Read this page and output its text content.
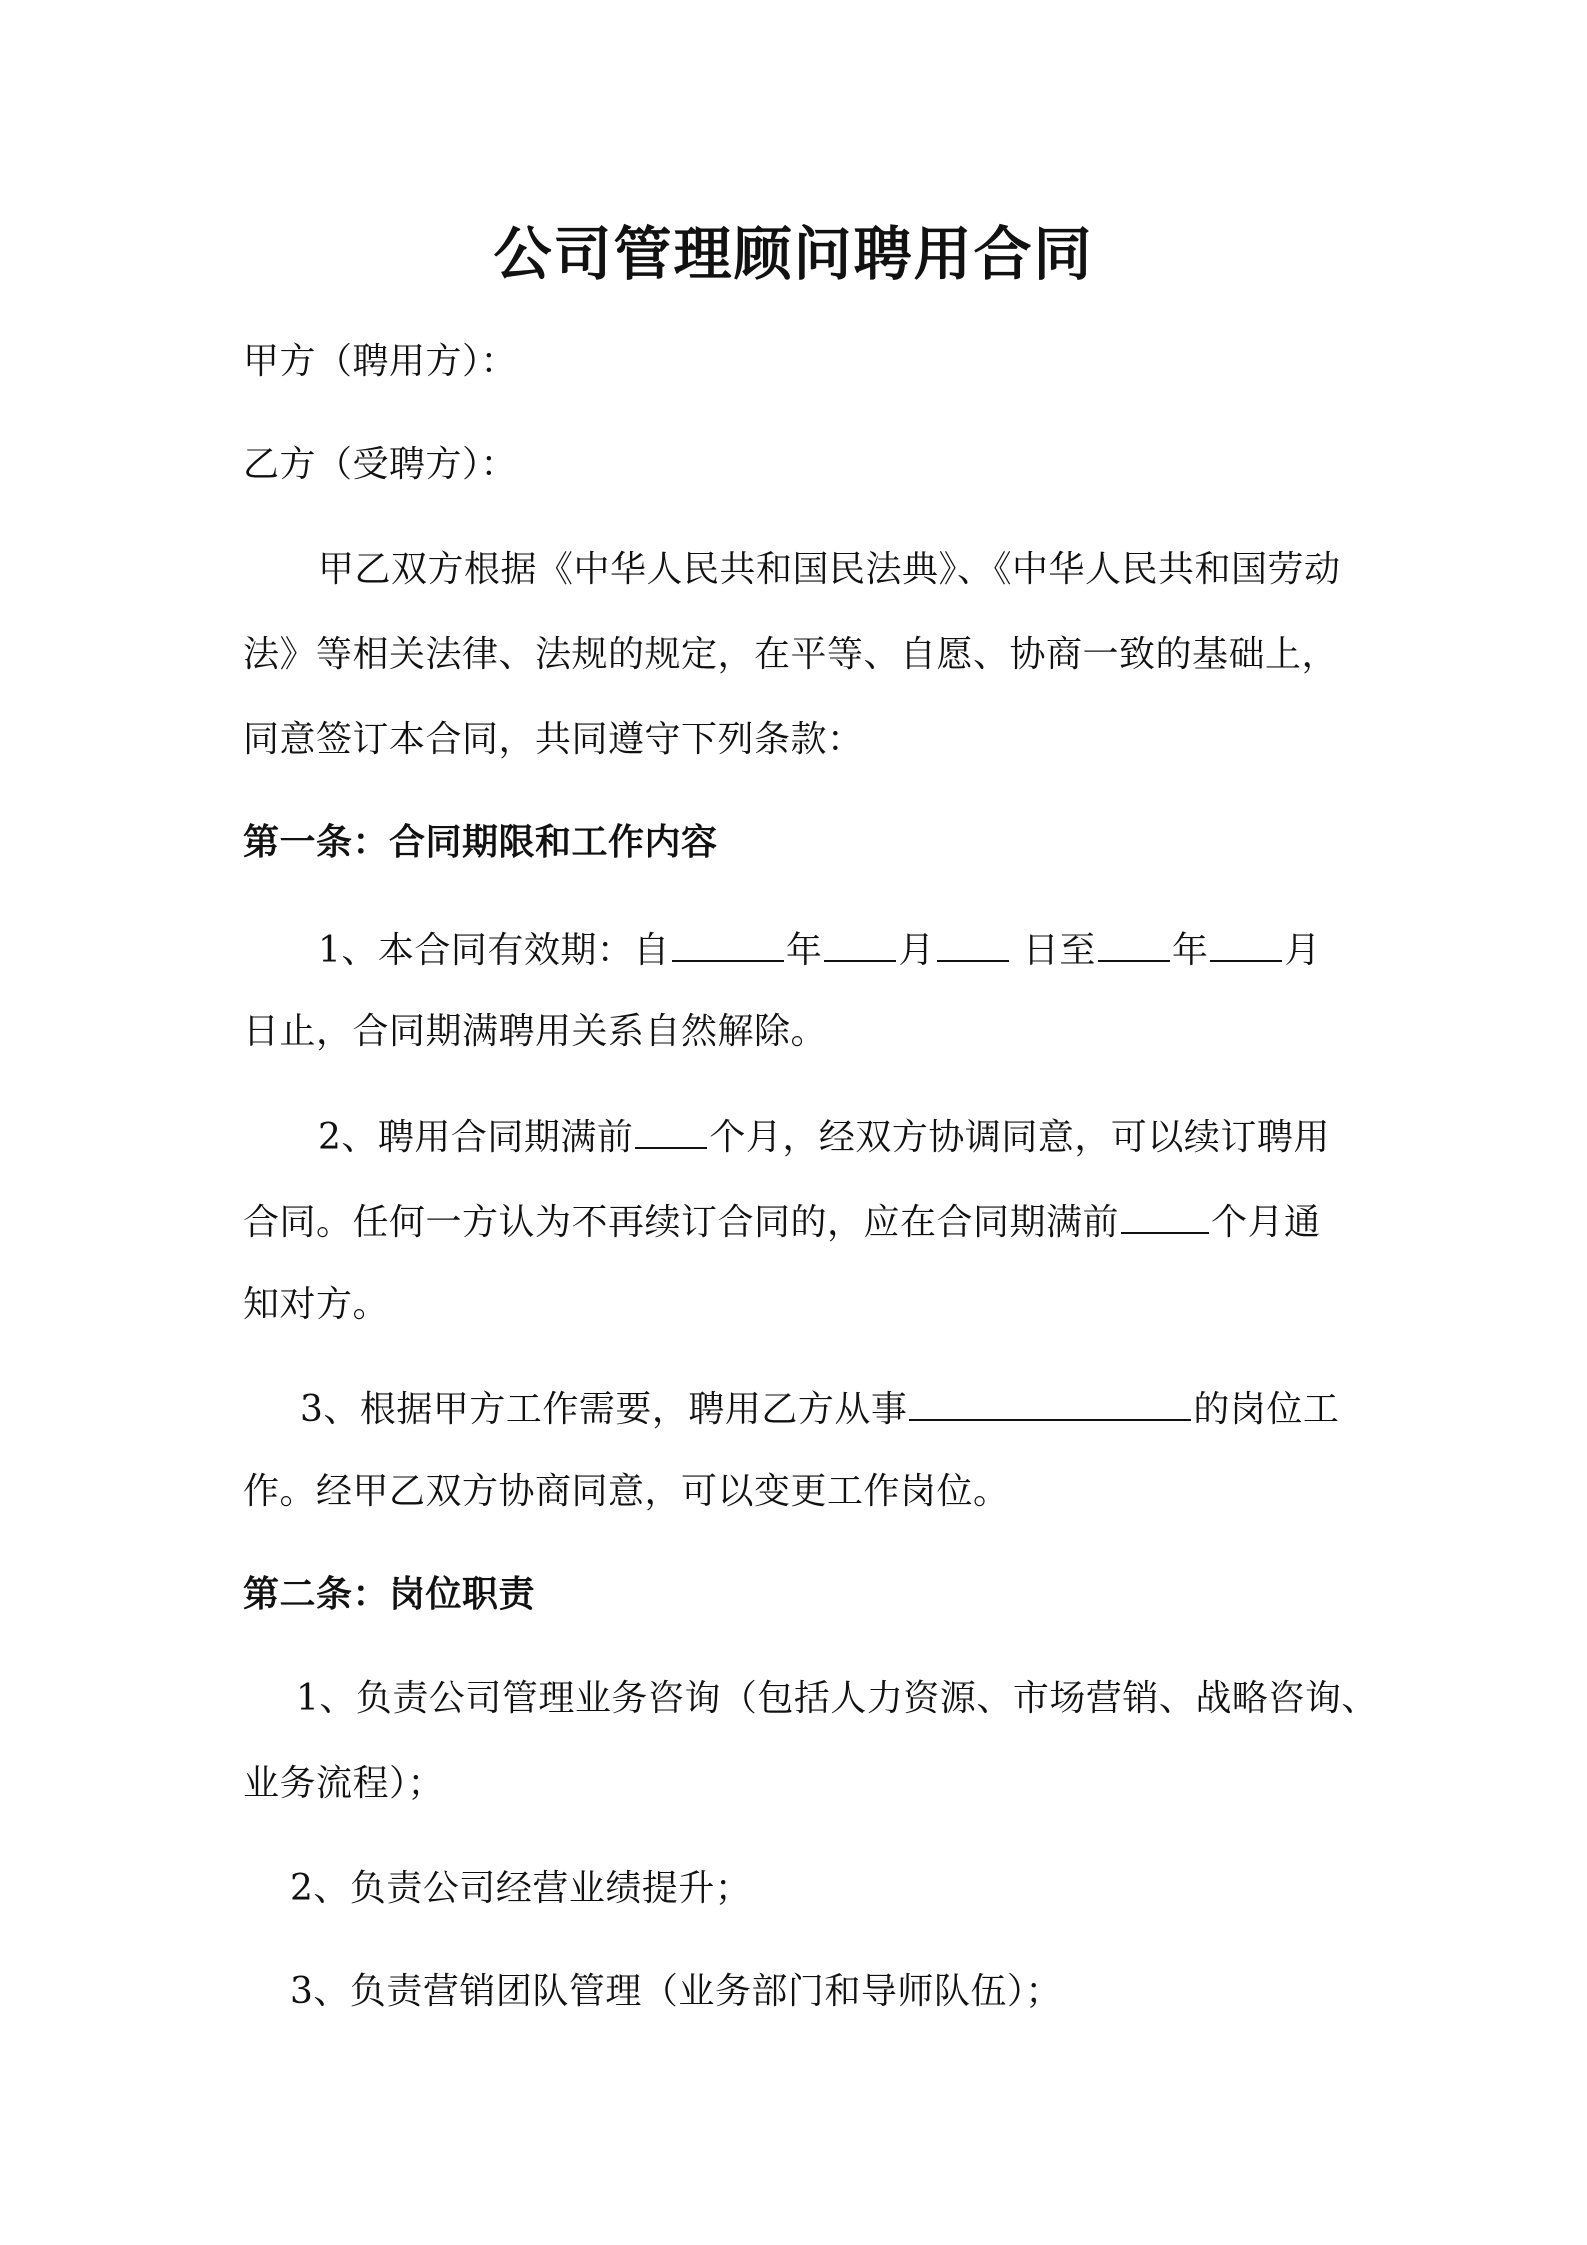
公司管理顾问聘用合同
甲方（聘用方）：
乙方（受聘方）：
甲乙双方根据《中华人民共和国民法典》、《中华人民共和国劳动
法》等相关法律、法规的规定，在平等、自愿、协商一致的基础上，
同意签订本合同，共同遵守下列条款：
第一条：合同期限和工作内容
1、本合同有效期：自	年 月 日至 年 月
日止，合同期满聘用关系自然解除。
2、聘用合同期满前 个月，经双方协调同意，可以续订聘用
合同。任何一方认为不再续订合同的，应在合同期满前	个月通
知对方。
3、根据甲方工作需要，聘用乙方从事	的岗位工
作。经甲乙双方协商同意，可以变更工作岗位。
第二条：岗位职责
1、负责公司管理业务咨询（包括人力资源、市场营销、战略咨询、
业务流程）；
2、负责公司经营业绩提升；
3、负责营销团队管理（业务部门和导师队伍）；
